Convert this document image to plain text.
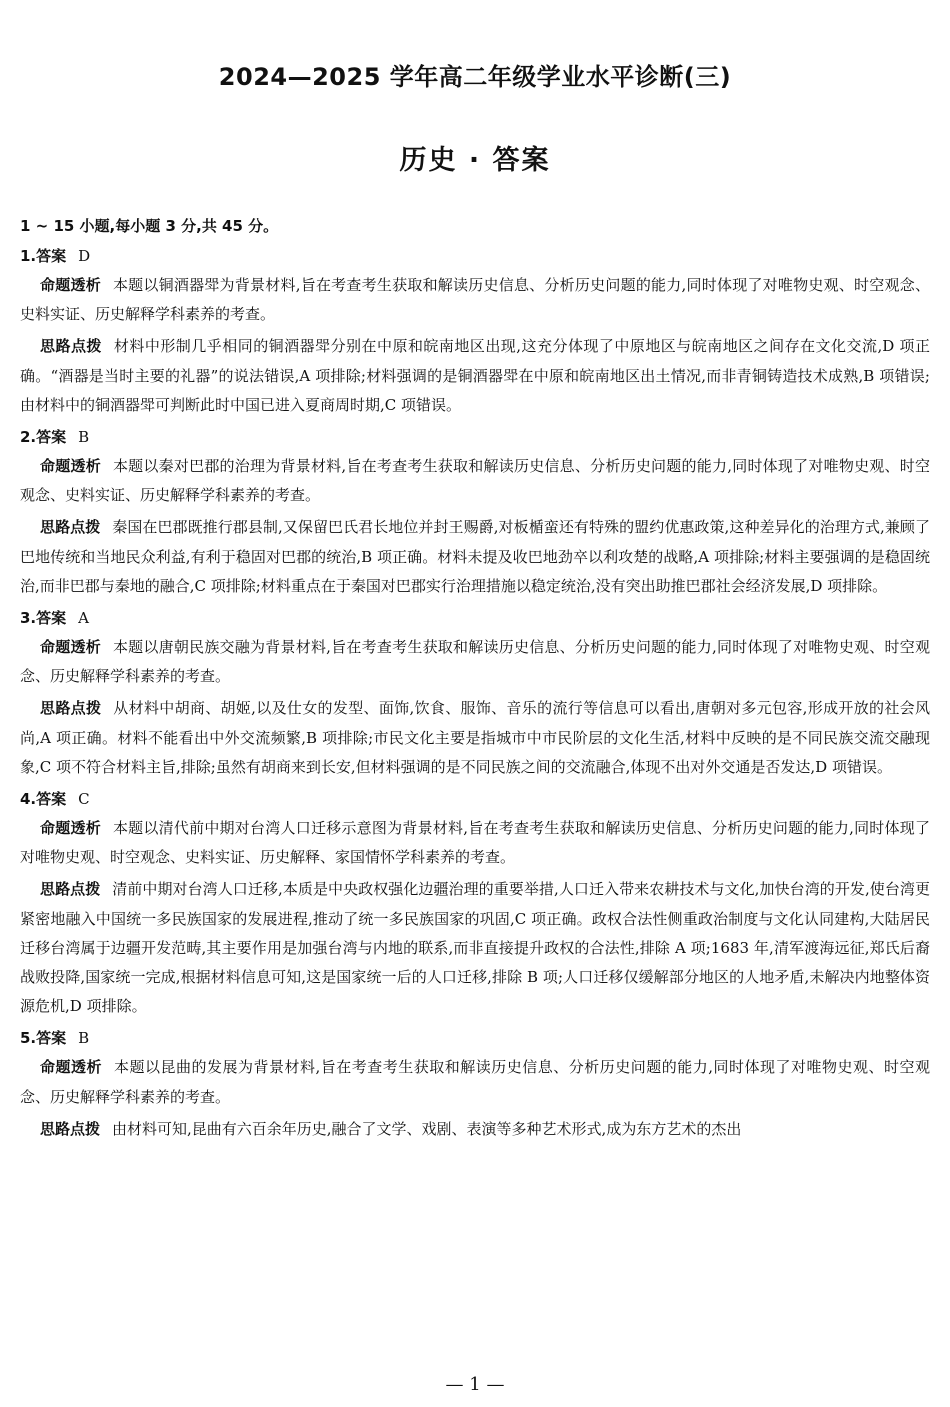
2024—2025 学年高二年级学业水平诊断(三)
历史 · 答案

1 ~ 15 小题,每小题 3 分,共 45 分。

1.答案 D

命题透析 本题以铜酒器斝为背景材料,旨在考查考生获取和解读历史信息、分析历史问题的能力,同时体现了对唯物史观、时空观念、史料实证、历史解释学科素养的考查。

思路点拨 材料中形制几乎相同的铜酒器斝分别在中原和皖南地区出现,这充分体现了中原地区与皖南地区之间存在文化交流,D 项正确。“酒器是当时主要的礼器”的说法错误,A 项排除;材料强调的是铜酒器斝在中原和皖南地区出土情况,而非青铜铸造技术成熟,B 项错误;由材料中的铜酒器斝可判断此时中国已进入夏商周时期,C 项错误。

2.答案 B

命题透析 本题以秦对巴郡的治理为背景材料,旨在考查考生获取和解读历史信息、分析历史问题的能力,同时体现了对唯物史观、时空观念、史料实证、历史解释学科素养的考查。

思路点拨 秦国在巴郡既推行郡县制,又保留巴氏君长地位并封王赐爵,对板楯蛮还有特殊的盟约优惠政策,这种差异化的治理方式,兼顾了巴地传统和当地民众利益,有利于稳固对巴郡的统治,B 项正确。材料未提及收巴地劲卒以利攻楚的战略,A 项排除;材料主要强调的是稳固统治,而非巴郡与秦地的融合,C 项排除;材料重点在于秦国对巴郡实行治理措施以稳定统治,没有突出助推巴郡社会经济发展,D 项排除。

3.答案 A

命题透析 本题以唐朝民族交融为背景材料,旨在考查考生获取和解读历史信息、分析历史问题的能力,同时体现了对唯物史观、时空观念、历史解释学科素养的考查。

思路点拨 从材料中胡商、胡姬,以及仕女的发型、面饰,饮食、服饰、音乐的流行等信息可以看出,唐朝对多元包容,形成开放的社会风尚,A 项正确。材料不能看出中外交流频繁,B 项排除;市民文化主要是指城市中市民阶层的文化生活,材料中反映的是不同民族交流交融现象,C 项不符合材料主旨,排除;虽然有胡商来到长安,但材料强调的是不同民族之间的交流融合,体现不出对外交通是否发达,D 项错误。

4.答案 C

命题透析 本题以清代前中期对台湾人口迁移示意图为背景材料,旨在考查考生获取和解读历史信息、分析历史问题的能力,同时体现了对唯物史观、时空观念、史料实证、历史解释、家国情怀学科素养的考查。

思路点拨 清前中期对台湾人口迁移,本质是中央政权强化边疆治理的重要举措,人口迁入带来农耕技术与文化,加快台湾的开发,使台湾更紧密地融入中国统一多民族国家的发展进程,推动了统一多民族国家的巩固,C 项正确。政权合法性侧重政治制度与文化认同建构,大陆居民迁移台湾属于边疆开发范畴,其主要作用是加强台湾与内地的联系,而非直接提升政权的合法性,排除 A 项;1683 年,清军渡海远征,郑氏后裔战败投降,国家统一完成,根据材料信息可知,这是国家统一后的人口迁移,排除 B 项;人口迁移仅缓解部分地区的人地矛盾,未解决内地整体资源危机,D 项排除。

5.答案 B

命题透析 本题以昆曲的发展为背景材料,旨在考查考生获取和解读历史信息、分析历史问题的能力,同时体现了对唯物史观、时空观念、历史解释学科素养的考查。

思路点拨 由材料可知,昆曲有六百余年历史,融合了文学、戏剧、表演等多种艺术形式,成为东方艺术的杰出

— 1 —
